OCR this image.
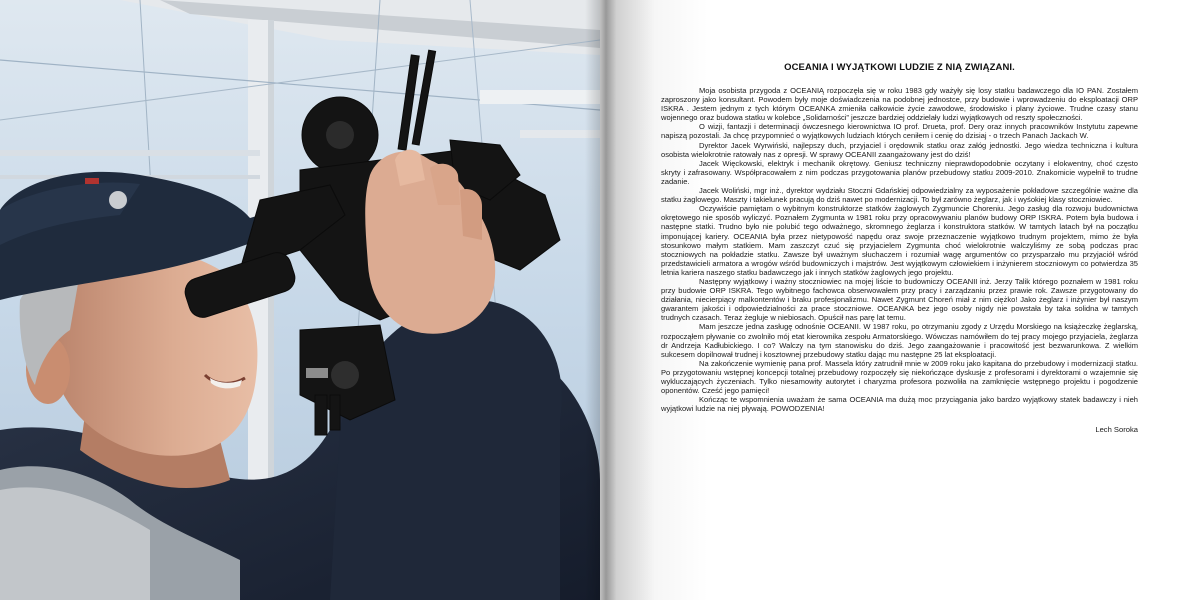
OCEANIA I WYJĄTKOWI LUDZIE Z NIĄ ZWIĄZANI.

Moja osobista przygoda z OCEANIĄ rozpoczęła się w roku 1983 gdy ważyły się losy statku badawczego dla IO PAN. Zostałem zaproszony jako konsultant. Powodem były moje doświadczenia na podobnej jednostce, przy budowie i wprowadzeniu do eksploatacji ORP ISKRA . Jestem jednym z tych którym OCEANKA zmieniła całkowicie życie zawodowe, środowisko i plany życiowe. Trudne czasy stanu wojennego oraz budowa statku w kolebce „Solidarności” jeszcze bardziej oddzielały ludzi wyjątkowych od reszty społeczności.

O wizji, fantazji i determinacji ówczesnego kierownictwa IO prof. Drueta, prof. Dery oraz innych pracowników Instytutu zapewne napiszą pozostali. Ja chcę przypomnieć o wyjątkowych ludziach których ceniłem i cenię do dzisiaj - o trzech Panach Jackach W.

Dyrektor Jacek Wyrwiński, najlepszy duch, przyjaciel i orędownik statku oraz załóg jednostki. Jego wiedza techniczna i kultura osobista wielokrotnie ratowały nas z opresji. W sprawy OCEANII zaangażowany jest do dziś!

Jacek Więckowski, elektryk i mechanik okrętowy. Geniusz techniczny nieprawdopodobnie oczytany i elokwentny, choć często skryty i zafrasowany. Współpracowałem z nim podczas przygotowania planów przebudowy statku 2009-2010. Znakomicie wypełnił to trudne zadanie.

Jacek Woliński, mgr inż., dyrektor wydziału Stoczni Gdańskiej odpowiedzialny za wyposażenie pokładowe szczególnie ważne dla statku żaglowego. Maszty i takielunek pracują do dziś nawet po modernizacji. To był zarówno żeglarz, jak i wyśokiej klasy stoczniowiec.

Oczywiście pamiętam o wybitnym konstruktorze statków żaglowych Zygmuncie Choreniu. Jego zasług dla rozwoju budownictwa okrętowego nie sposób wyliczyć. Poznałem Zygmunta w 1981 roku przy opracowywaniu planów budowy ORP ISKRA. Potem była budowa i następne statki. Trudno było nie polubić tego odważnego, skromnego żeglarza i konstruktora statków. W tamtych latach był na początku imponującej kariery. OCEANIA była przez nietypowość napędu oraz swoje przeznaczenie wyjątkowo trudnym projektem, mimo że była stosunkowo małym statkiem. Mam zaszczyt czuć się przyjacielem Zygmunta choć wielokrotnie walczyliśmy ze sobą podczas prac stoczniowych na pokładzie statku. Zawsze był uważnym słuchaczem i rozumiał wagę argumentów co przysparzało mu przyjaciół wśród przedstawicieli armatora a wrogów wśród budowniczych i majstrów. Jest wyjątkowym człowiekiem i inżynierem stoczniowym co potwierdza 35 letnia kariera naszego statku badawczego jak i innych statków żaglowych jego projektu.

Następny wyjątkowy i ważny stoczniowiec na mojej liście to budowniczy OCEANII inż. Jerzy Talik którego poznałem w 1981 roku przy budowie ORP ISKRA. Tego wybitnego fachowca obserwowałem przy pracy i zarządzaniu przez prawie rok. Zawsze przygotowany do działania, niecierpiący malkontentów i braku profesjonalizmu. Nawet Zygmunt Choreń miał z nim ciężko! Jako żeglarz i inżynier był naszym gwarantem jakości i odpowiedzialności za prace stoczniowe. OCEANKA bez jego osoby nigdy nie powstała by taka solidna w tamtych trudnych czasach. Teraz żegluje w niebiosach. Opuścił nas parę lat temu.

Mam jeszcze jedna zasługę odnośnie OCEANII. W 1987 roku, po otrzymaniu zgody z Urzędu Morskiego na książeczkę żeglarską, rozpocząłem pływanie co zwolniło mój etat kierownika zespołu Armatorskiego. Wówczas namówiłem do tej pracy mojego przyjaciela, żeglarza dr Andrzeja Kadłubickiego. I co? Walczy na tym stanowisku do dziś. Jego zaangażowanie i pracowitość jest bezwarunkowa. Z wielkim sukcesem dopilnował trudnej i kosztownej przebudowy statku dając mu następne 25 lat eksploatacji.

Na zakończenie wymienię pana prof. Massela który zatrudnił mnie w 2009 roku jako kapitana do przebudowy i modernizacji statku. Po przygotowaniu wstępnej koncepcji totalnej przebudowy rozpoczęły się niekończące dyskusje z profesorami i dyrektorami o wzajemnie się wykluczających życzeniach. Tylko niesamowity autorytet i charyzma profesora pozwoliła na zamknięcie wstępnego projektu i pogodzenie oponentów. Cześć jego pamięci!

Kończąc te wspomnienia uważam że sama OCEANIA ma dużą moc przyciągania jako bardzo wyjątkowy statek badawczy i nieh wyjątkowi ludzie na niej pływają. POWODZENIA!

Lech Soroka
